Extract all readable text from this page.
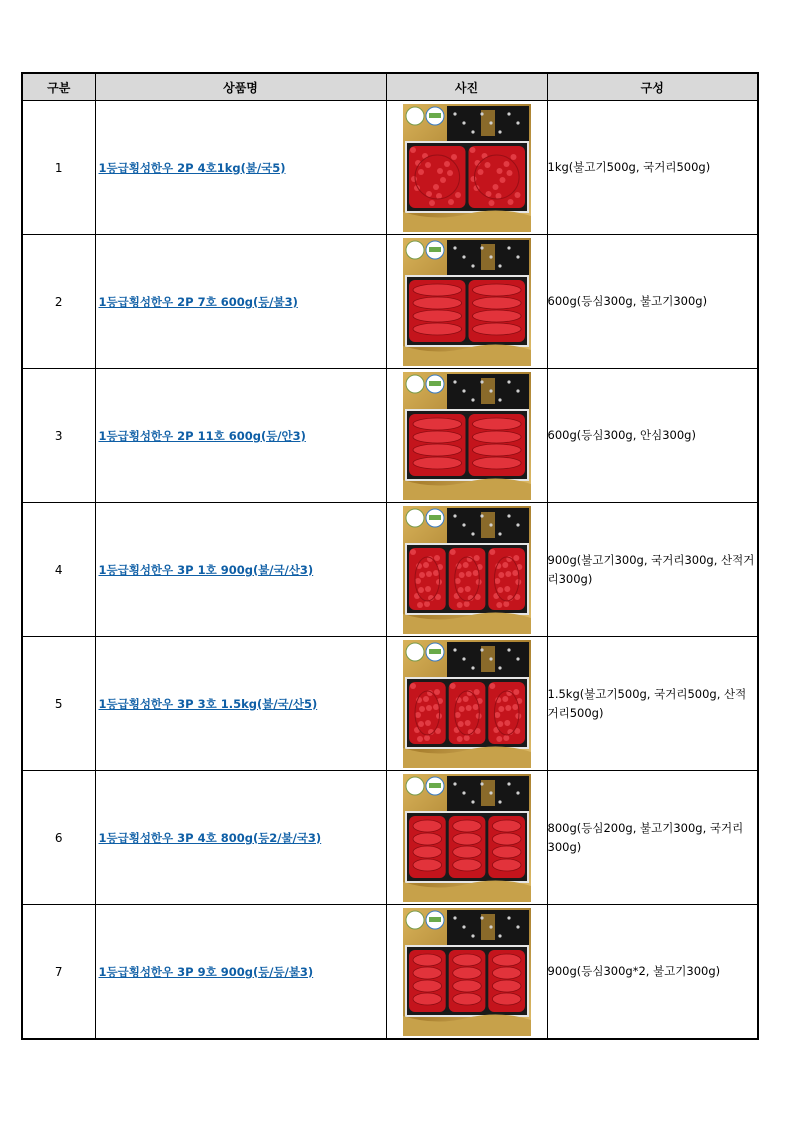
구분	상품명	사진	구성
1	1등급횡성한우 2P 4호1kg(불/국5)		1kg(불고기500g, 국거리500g)
2	1등급횡성한우 2P 7호 600g(등/불3)		600g(등심300g, 불고기300g)
3	1등급횡성한우 2P 11호 600g(등/안3)		600g(등심300g, 안심300g)
4	1등급횡성한우 3P 1호 900g(불/국/산3)		900g(불고기300g, 국거리300g, 산적거리300g)
5	1등급횡성한우 3P 3호 1.5kg(불/국/산5)		1.5kg(불고기500g, 국거리500g, 산적거리500g)
6	1등급횡성한우 3P 4호 800g(등2/불/국3)		800g(등심200g, 불고기300g, 국거리300g)
7	1등급횡성한우 3P 9호 900g(등/등/불3)		900g(등심300g*2, 불고기300g)
